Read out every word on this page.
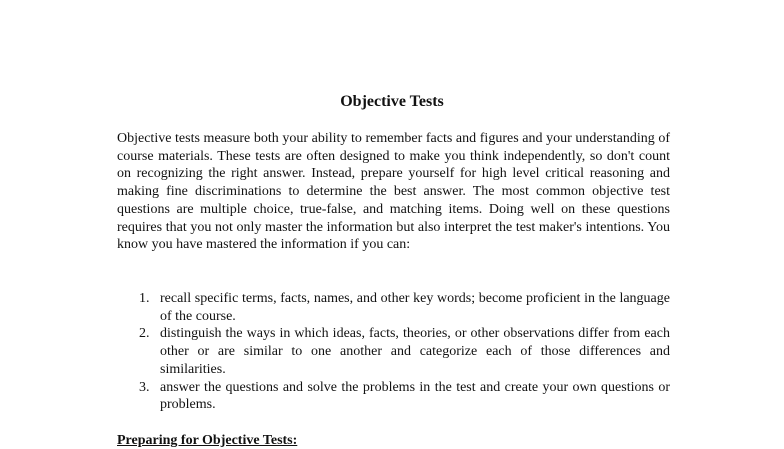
Objective Tests

Objective tests measure both your ability to remember facts and figures and your understanding of course materials. These tests are often designed to make you think independently, so don't count on recognizing the right answer. Instead, prepare yourself for high level critical reasoning and making fine discriminations to determine the best answer. The most common objective test questions are multiple choice, true-false, and matching items. Doing well on these questions requires that you not only master the information but also interpret the test maker's intentions. You know you have mastered the information if you can:

1. recall specific terms, facts, names, and other key words; become proficient in the language of the course.
2. distinguish the ways in which ideas, facts, theories, or other observations differ from each other or are similar to one another and categorize each of those differences and similarities.
3. answer the questions and solve the problems in the test and create your own questions or problems.
Preparing for Objective Tests:
